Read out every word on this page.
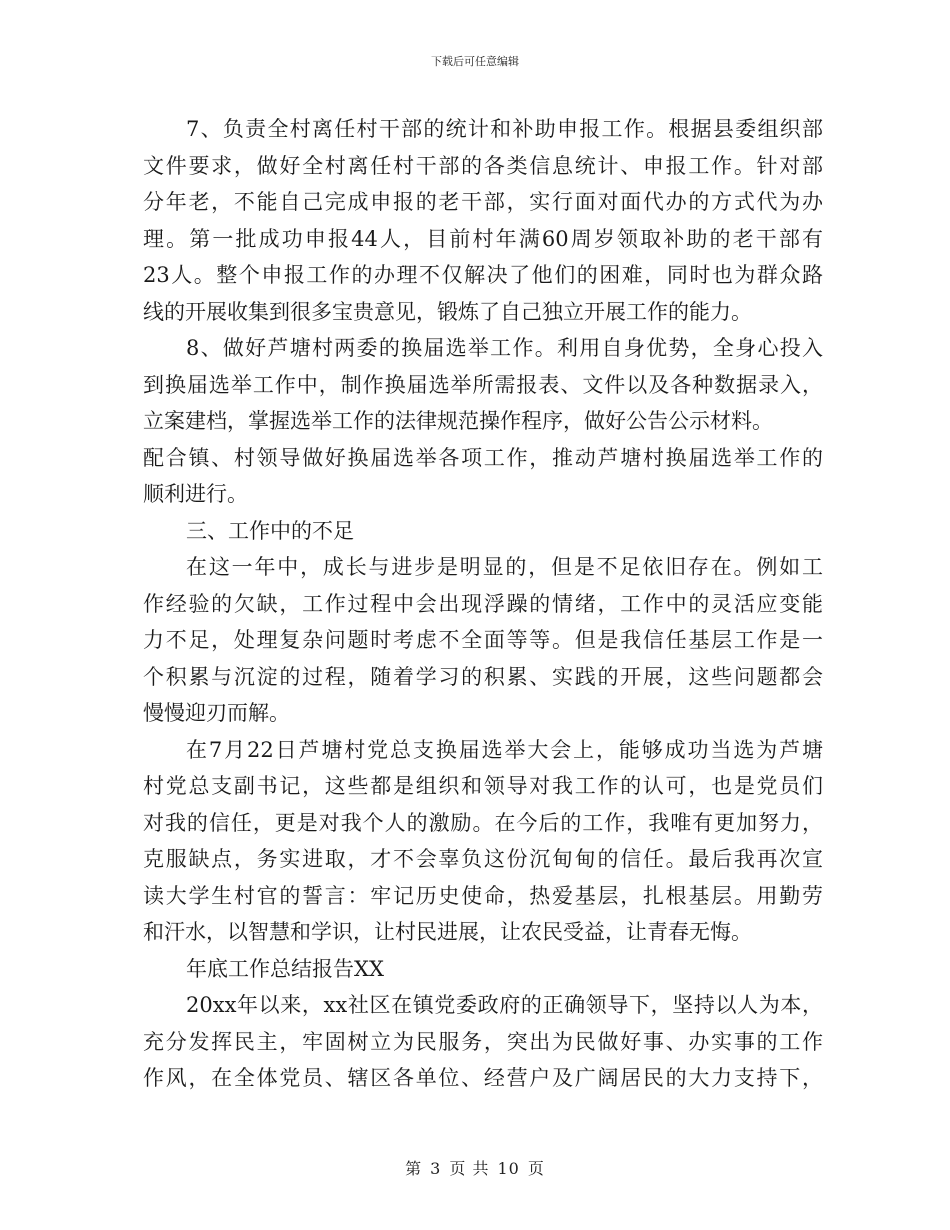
下载后可任意编辑
7、负责全村离任村干部的统计和补助申报工作。根据县委组织部
文件要求，做好全村离任村干部的各类信息统计、申报工作。针对部
分年老，不能自己完成申报的老干部，实行面对面代办的方式代为办
理。第一批成功申报44人，目前村年满60周岁领取补助的老干部有
23人。整个申报工作的办理不仅解决了他们的困难，同时也为群众路
线的开展收集到很多宝贵意见，锻炼了自己独立开展工作的能力。
8、做好芦塘村两委的换届选举工作。利用自身优势，全身心投入
到换届选举工作中，制作换届选举所需报表、文件以及各种数据录入，
立案建档，掌握选举工作的法律规范操作程序，做好公告公示材料。
配合镇、村领导做好换届选举各项工作，推动芦塘村换届选举工作的
顺利进行。
三、工作中的不足
在这一年中，成长与进步是明显的，但是不足依旧存在。例如工
作经验的欠缺，工作过程中会出现浮躁的情绪，工作中的灵活应变能
力不足，处理复杂问题时考虑不全面等等。但是我信任基层工作是一
个积累与沉淀的过程，随着学习的积累、实践的开展，这些问题都会
慢慢迎刃而解。
在7月22日芦塘村党总支换届选举大会上，能够成功当选为芦塘
村党总支副书记，这些都是组织和领导对我工作的认可，也是党员们
对我的信任，更是对我个人的激励。在今后的工作，我唯有更加努力，
克服缺点，务实进取，才不会辜负这份沉甸甸的信任。最后我再次宣
读大学生村官的誓言：牢记历史使命，热爱基层，扎根基层。用勤劳
和汗水，以智慧和学识，让村民进展，让农民受益，让青春无悔。
年底工作总结报告XX
20xx年以来，xx社区在镇党委政府的正确领导下，坚持以人为本，
充分发挥民主，牢固树立为民服务，突出为民做好事、办实事的工作
作风，在全体党员、辖区各单位、经营户及广阔居民的大力支持下，
第 3 页 共 10 页
